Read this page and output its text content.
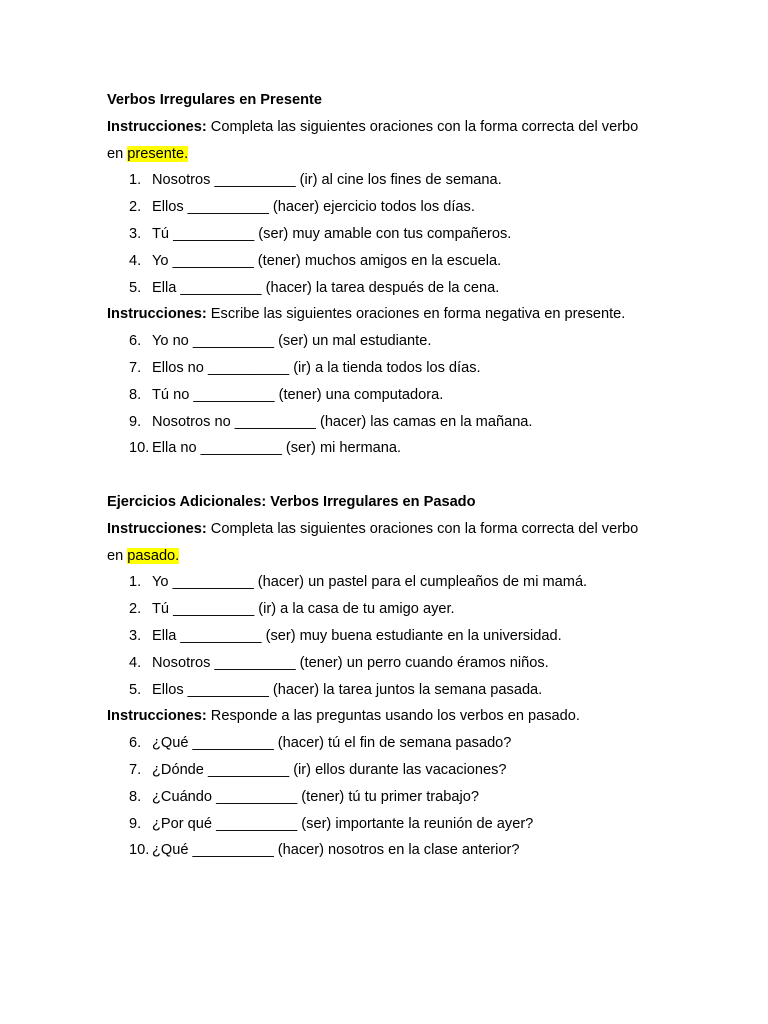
Verbos Irregulares en Presente
Instrucciones: Completa las siguientes oraciones con la forma correcta del verbo
en presente.
1. Nosotros __________ (ir) al cine los fines de semana.
2. Ellos __________ (hacer) ejercicio todos los días.
3. Tú __________ (ser) muy amable con tus compañeros.
4. Yo __________ (tener) muchos amigos en la escuela.
5. Ella __________ (hacer) la tarea después de la cena.
Instrucciones: Escribe las siguientes oraciones en forma negativa en presente.
6. Yo no __________ (ser) un mal estudiante.
7. Ellos no __________ (ir) a la tienda todos los días.
8. Tú no __________ (tener) una computadora.
9. Nosotros no __________ (hacer) las camas en la mañana.
10. Ella no __________ (ser) mi hermana.
Ejercicios Adicionales: Verbos Irregulares en Pasado
Instrucciones: Completa las siguientes oraciones con la forma correcta del verbo
en pasado.
1. Yo __________ (hacer) un pastel para el cumpleaños de mi mamá.
2. Tú __________ (ir) a la casa de tu amigo ayer.
3. Ella __________ (ser) muy buena estudiante en la universidad.
4. Nosotros __________ (tener) un perro cuando éramos niños.
5. Ellos __________ (hacer) la tarea juntos la semana pasada.
Instrucciones: Responde a las preguntas usando los verbos en pasado.
6. ¿Qué __________ (hacer) tú el fin de semana pasado?
7. ¿Dónde __________ (ir) ellos durante las vacaciones?
8. ¿Cuándo __________ (tener) tú tu primer trabajo?
9. ¿Por qué __________ (ser) importante la reunión de ayer?
10. ¿Qué __________ (hacer) nosotros en la clase anterior?
